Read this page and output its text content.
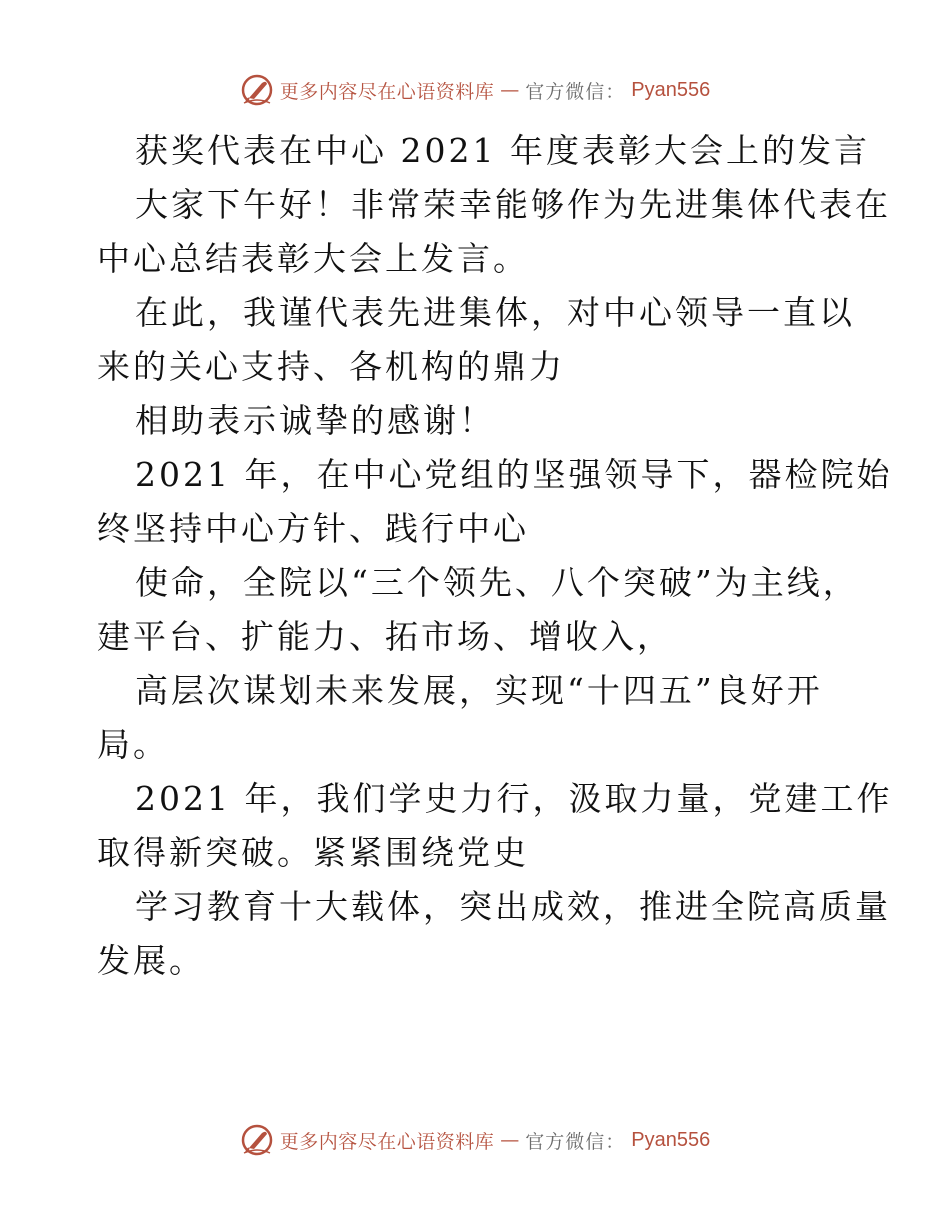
更多内容尽在心语资料库 — 官方微信： Pyan556
获奖代表在中心 2021 年度表彰大会上的发言
大家下午好！非常荣幸能够作为先进集体代表在
中心总结表彰大会上发言。
在此，我谨代表先进集体，对中心领导一直以
来的关心支持、各机构的鼎力
相助表示诚挚的感谢！
2021 年，在中心党组的坚强领导下，器检院始
终坚持中心方针、践行中心
使命，全院以“三个领先、八个突破”为主线，
建平台、扩能力、拓市场、增收入，
高层次谋划未来发展，实现“十四五”良好开
局。
2021 年，我们学史力行，汲取力量，党建工作
取得新突破。紧紧围绕党史
学习教育十大载体，突出成效，推进全院高质量
发展。
更多内容尽在心语资料库 — 官方微信： Pyan556
